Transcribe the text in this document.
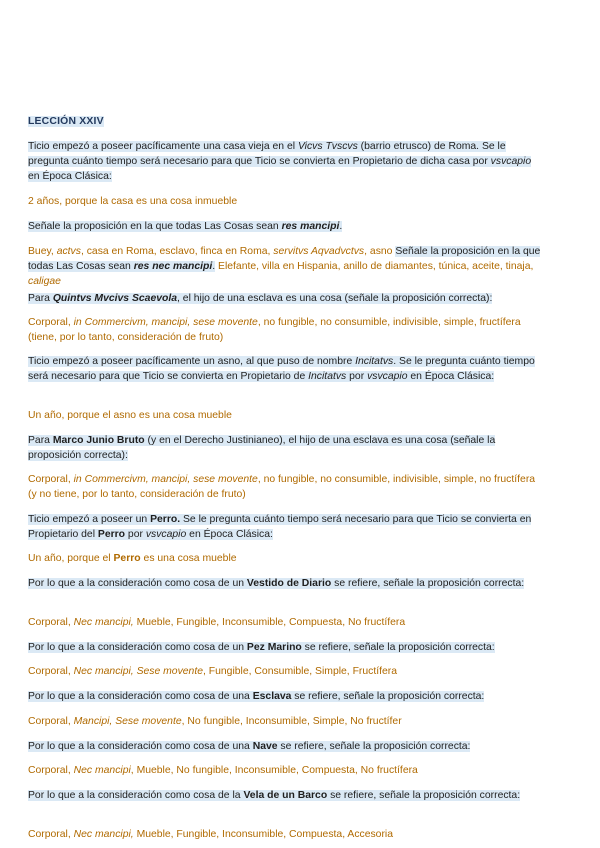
LECCIÓN XXIV

Ticio empezó a poseer pacíficamente una casa vieja en el Vicvs Tvscvs (barrio etrusco) de Roma. Se le pregunta cuánto tiempo será necesario para que Ticio se convierta en Propietario de dicha casa por vsvcapio en Época Clásica:

2 años, porque la casa es una cosa inmueble

Señale la proposición en la que todas Las Cosas sean res mancipi.

Buey, actvs, casa en Roma, esclavo, finca en Roma, servitvs Aqvadvctvs, asno Señale la proposición en la que todas Las Cosas sean res nec mancipi. Elefante, villa en Hispania, anillo de diamantes, túnica, aceite, tinaja, caligae

Para Quintvs Mvcivs Scaevola, el hijo de una esclava es una cosa (señale la proposición correcta):

Corporal, in Commercivm, mancipi, sese movente, no fungible, no consumible, indivisible, simple, fructífera (tiene, por lo tanto, consideración de fruto)

Ticio empezó a poseer pacíficamente un asno, al que puso de nombre Incitatvs. Se le pregunta cuánto tiempo será necesario para que Ticio se convierta en Propietario de Incitatvs por vsvcapio en Época Clásica:

Un año, porque el asno es una cosa mueble

Para Marco Junio Bruto (y en el Derecho Justinianeo), el hijo de una esclava es una cosa (señale la proposición correcta):

Corporal, in Commercivm, mancipi, sese movente, no fungible, no consumible, indivisible, simple, no fructífera (y no tiene, por lo tanto, consideración de fruto)

Ticio empezó a poseer un Perro. Se le pregunta cuánto tiempo será necesario para que Ticio se convierta en Propietario del Perro por vsvcapio en Época Clásica:

Un año, porque el Perro es una cosa mueble

Por lo que a la consideración como cosa de un Vestido de Diario se refiere, señale la proposición correcta:

Corporal, Nec mancipi, Mueble, Fungible, Inconsumible, Compuesta, No fructífera

Por lo que a la consideración como cosa de un Pez Marino se refiere, señale la proposición correcta:

Corporal, Nec mancipi, Sese movente, Fungible, Consumible, Simple, Fructífera

Por lo que a la consideración como cosa de una Esclava se refiere, señale la proposición correcta:

Corporal, Mancipi, Sese movente, No fungible, Inconsumible, Simple, No fructífer

Por lo que a la consideración como cosa de una Nave se refiere, señale la proposición correcta:

Corporal, Nec mancipi, Mueble, No fungible, Inconsumible, Compuesta, No fructífera

Por lo que a la consideración como cosa de la Vela de un Barco se refiere, señale la proposición correcta:

Corporal, Nec mancipi, Mueble, Fungible, Inconsumible, Compuesta, Accesoria
